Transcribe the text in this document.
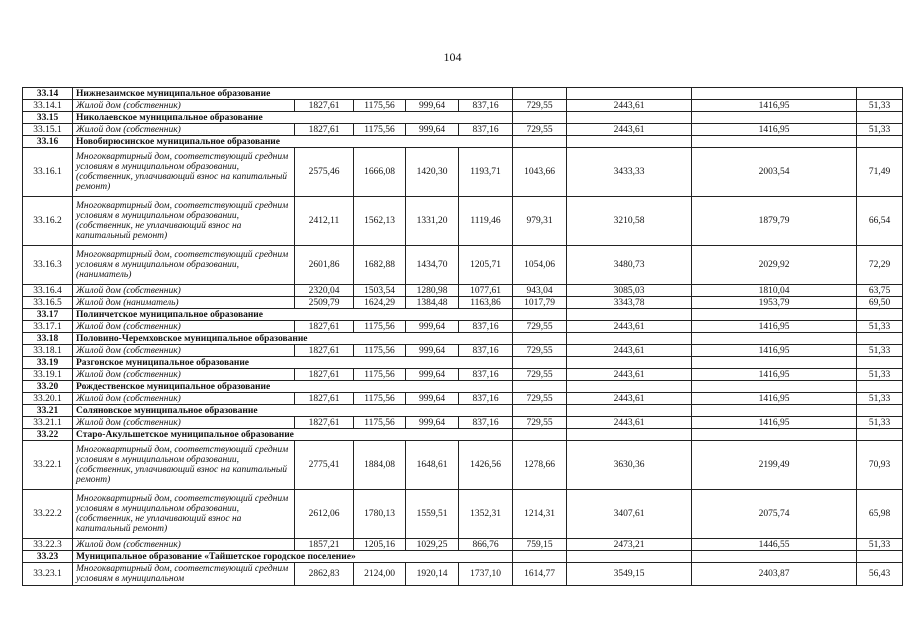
104
33.14	Нижнезаимское муниципальное образование								
33.14.1	Жилой дом (собственник)	1827,61	1175,56	999,64	837,16	729,55	2443,61	1416,95	51,33
33.15	Николаевское муниципальное образование								
33.15.1	Жилой дом (собственник)	1827,61	1175,56	999,64	837,16	729,55	2443,61	1416,95	51,33
33.16	Новобирюсинское муниципальное образование								
33.16.1	Многоквартирный дом, соответствующий средним условиям в муниципальном образовании, (собственник, уплачивающий взнос на капитальный ремонт)	2575,46	1666,08	1420,30	1193,71	1043,66	3433,33	2003,54	71,49
33.16.2	Многоквартирный дом, соответствующий средним условиям в муниципальном образовании, (собственник, не уплачивающий взнос на капитальный ремонт)	2412,11	1562,13	1331,20	1119,46	979,31	3210,58	1879,79	66,54
33.16.3	Многоквартирный дом, соответствующий средним условиям в муниципальном образовании, (наниматель)	2601,86	1682,88	1434,70	1205,71	1054,06	3480,73	2029,92	72,29
33.16.4	Жилой дом (собственник)	2320,04	1503,54	1280,98	1077,61	943,04	3085,03	1810,04	63,75
33.16.5	Жилой дом (наниматель)	2509,79	1624,29	1384,48	1163,86	1017,79	3343,78	1953,79	69,50
33.17	Полинчетское муниципальное образование								
33.17.1	Жилой дом (собственник)	1827,61	1175,56	999,64	837,16	729,55	2443,61	1416,95	51,33
33.18	Половино-Черемховское муниципальное образование								
33.18.1	Жилой дом (собственник)	1827,61	1175,56	999,64	837,16	729,55	2443,61	1416,95	51,33
33.19	Разгонское муниципальное образование								
33.19.1	Жилой дом (собственник)	1827,61	1175,56	999,64	837,16	729,55	2443,61	1416,95	51,33
33.20	Рождественское муниципальное образование								
33.20.1	Жилой дом (собственник)	1827,61	1175,56	999,64	837,16	729,55	2443,61	1416,95	51,33
33.21	Соляновское муниципальное образование								
33.21.1	Жилой дом (собственник)	1827,61	1175,56	999,64	837,16	729,55	2443,61	1416,95	51,33
33.22	Старо-Акульшетское муниципальное образование								
33.22.1	Многоквартирный дом, соответствующий средним условиям в муниципальном образовании, (собственник, уплачивающий взнос на капитальный ремонт)	2775,41	1884,08	1648,61	1426,56	1278,66	3630,36	2199,49	70,93
33.22.2	Многоквартирный дом, соответствующий средним условиям в муниципальном образовании, (собственник, не уплачивающий взнос на капитальный ремонт)	2612,06	1780,13	1559,51	1352,31	1214,31	3407,61	2075,74	65,98
33.22.3	Жилой дом (собственник)	1857,21	1205,16	1029,25	866,76	759,15	2473,21	1446,55	51,33
33.23	Муниципальное образование «Тайшетское городское поселение»								
33.23.1	Многоквартирный дом, соответствующий средним условиям в муниципальном	2862,83	2124,00	1920,14	1737,10	1614,77	3549,15	2403,87	56,43
